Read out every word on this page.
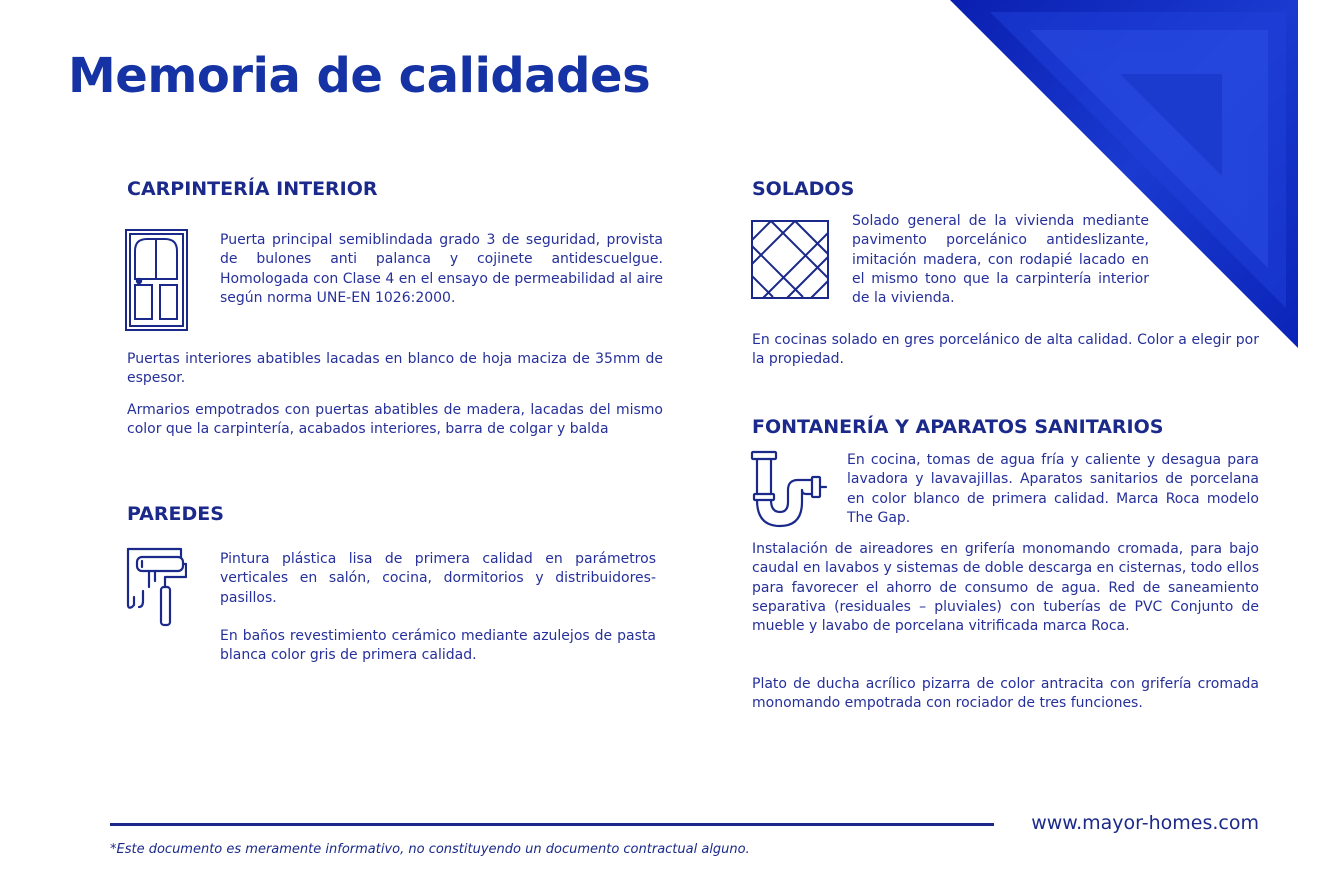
Memoria de calidades
CARPINTERÍA INTERIOR

Puerta principal semiblindada grado 3 de seguridad, provista de bulones anti palanca y cojinete antidescuelgue. Homologada con Clase 4 en el ensayo de permeabilidad al aire según norma UNE-EN 1026:2000.

Puertas interiores abatibles lacadas en blanco de hoja maciza de 35mm de espesor.

Armarios empotrados con puertas abatibles de madera, lacadas del mismo color que la carpintería, acabados interiores, barra de colgar y balda

PAREDES

Pintura plástica lisa de primera calidad en parámetros verticales en salón, cocina, dormitorios y distribuidores-pasillos.

En baños revestimiento cerámico mediante azulejos de pasta blanca color gris de primera calidad.

SOLADOS

Solado general de la vivienda mediante pavimento porcelánico antideslizante, imitación madera, con rodapié lacado en el mismo tono que la carpintería interior de la vivienda.

En cocinas solado en gres porcelánico de alta calidad. Color a elegir por la propiedad.

FONTANERÍA Y APARATOS SANITARIOS

En cocina, tomas de agua fría y caliente y desagua para lavadora y lavavajillas. Aparatos sanitarios de porcelana en color blanco de primera calidad. Marca Roca modelo The Gap.

Instalación de aireadores en grifería monomando cromada, para bajo caudal en lavabos y sistemas de doble descarga en cisternas, todo ellos para favorecer el ahorro de consumo de agua. Red de saneamiento separativa (residuales – pluviales) con tuberías de PVC Conjunto de mueble y lavabo de porcelana vitrificada marca Roca.

Plato de ducha acrílico pizarra de color antracita con grifería cromada monomando empotrada con rociador de tres funciones.

www.mayor-homes.com
*Este documento es meramente informativo, no constituyendo un documento contractual alguno.
